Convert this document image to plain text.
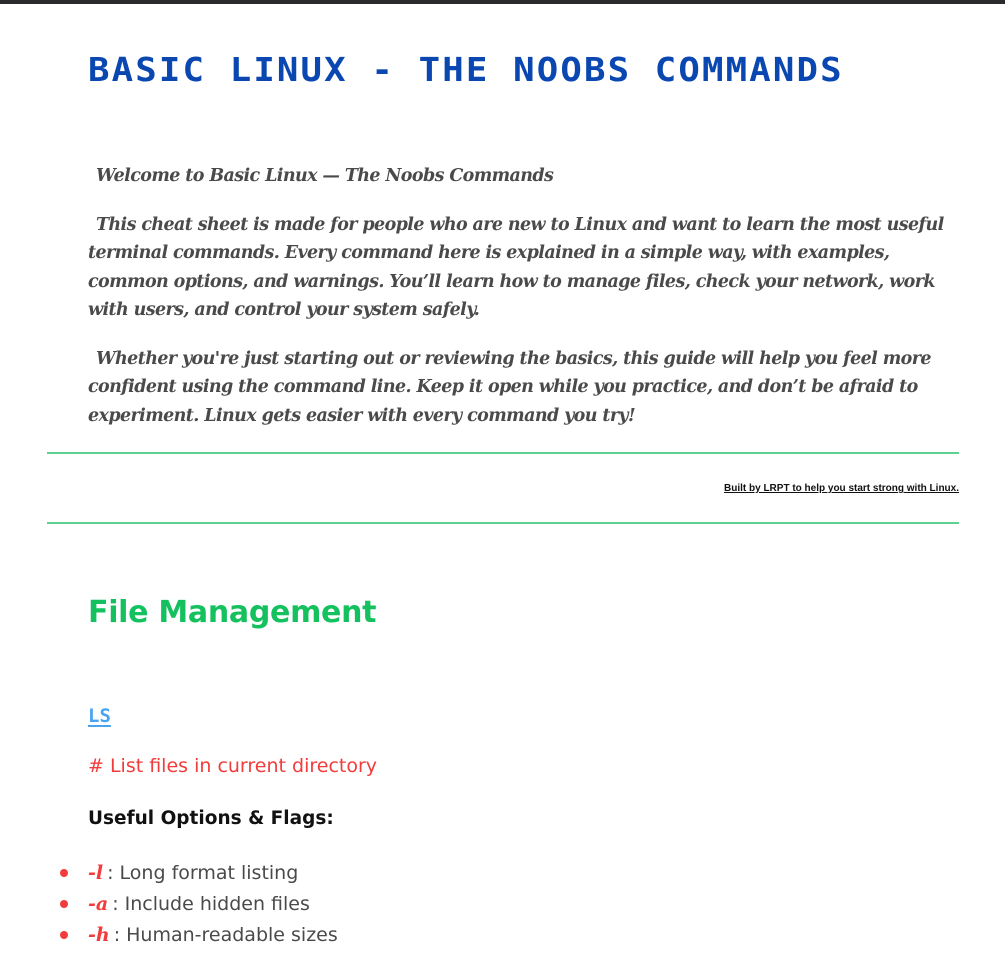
BASIC LINUX - THE NOOBS COMMANDS

Welcome to Basic Linux — The Noobs Commands

This cheat sheet is made for people who are new to Linux and want to learn the most useful terminal commands. Every command here is explained in a simple way, with examples, common options, and warnings. You’ll learn how to manage files, check your network, work with users, and control your system safely.

Whether you're just starting out or reviewing the basics, this guide will help you feel more confident using the command line. Keep it open while you practice, and don’t be afraid to experiment. Linux gets easier with every command you try!

Built by LRPT to help you start strong with Linux.
File Management
LS
# List files in current directory
Useful Options & Flags:
-l : Long format listing
-a : Include hidden files
-h : Human-readable sizes
